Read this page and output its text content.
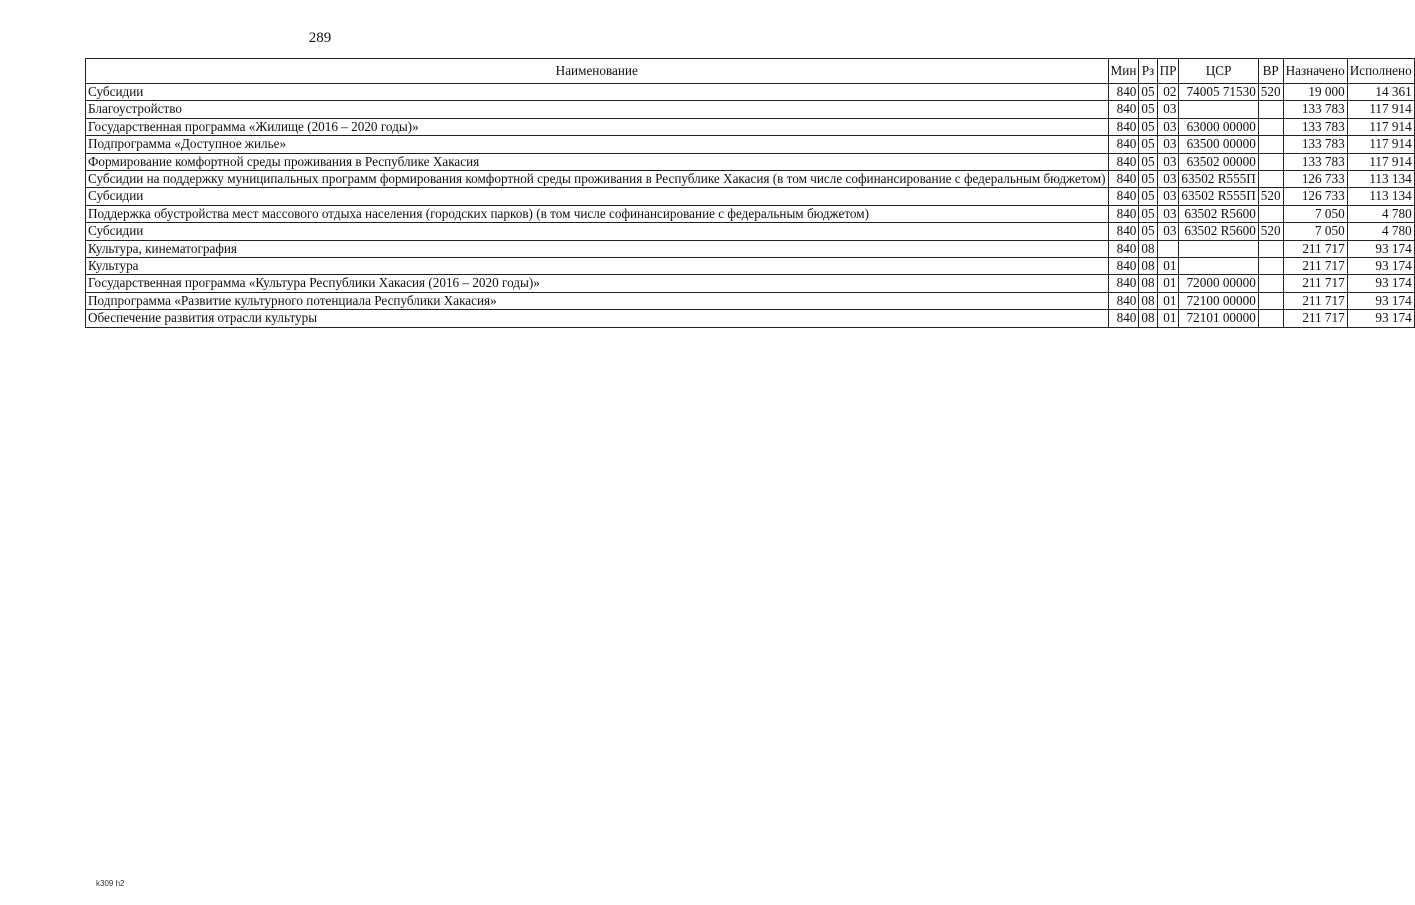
289
Наименование	Мин	Рз	ПР	ЦСР	ВР	Назначено	Исполнено
Субсидии	840	05	02	74005 71530	520	19 000	14 361
Благоустройство	840	05	03			133 783	117 914
Государственная программа «Жилище (2016 – 2020 годы)»	840	05	03	63000 00000		133 783	117 914
Подпрограмма «Доступное жилье»	840	05	03	63500 00000		133 783	117 914
Формирование комфортной среды проживания в Республике Хакасия	840	05	03	63502 00000		133 783	117 914
Субсидии на поддержку муниципальных программ формирования комфортной среды проживания в Республике Хакасия (в том числе софинансирование с федеральным бюджетом)	840	05	03	63502 R555П		126 733	113 134
Субсидии	840	05	03	63502 R555П	520	126 733	113 134
Поддержка обустройства мест массового отдыха населения (городских парков) (в том числе софинансирование с федеральным бюджетом)	840	05	03	63502 R5600		7 050	4 780
Субсидии	840	05	03	63502 R5600	520	7 050	4 780
Культура, кинематография	840	08				211 717	93 174
Культура	840	08	01			211 717	93 174
Государственная программа «Культура Республики Хакасия (2016 – 2020 годы)»	840	08	01	72000 00000		211 717	93 174
Подпрограмма «Развитие культурного потенциала Республики Хакасия»	840	08	01	72100 00000		211 717	93 174
Обеспечение развития отрасли культуры	840	08	01	72101 00000		211 717	93 174
k309 h2
